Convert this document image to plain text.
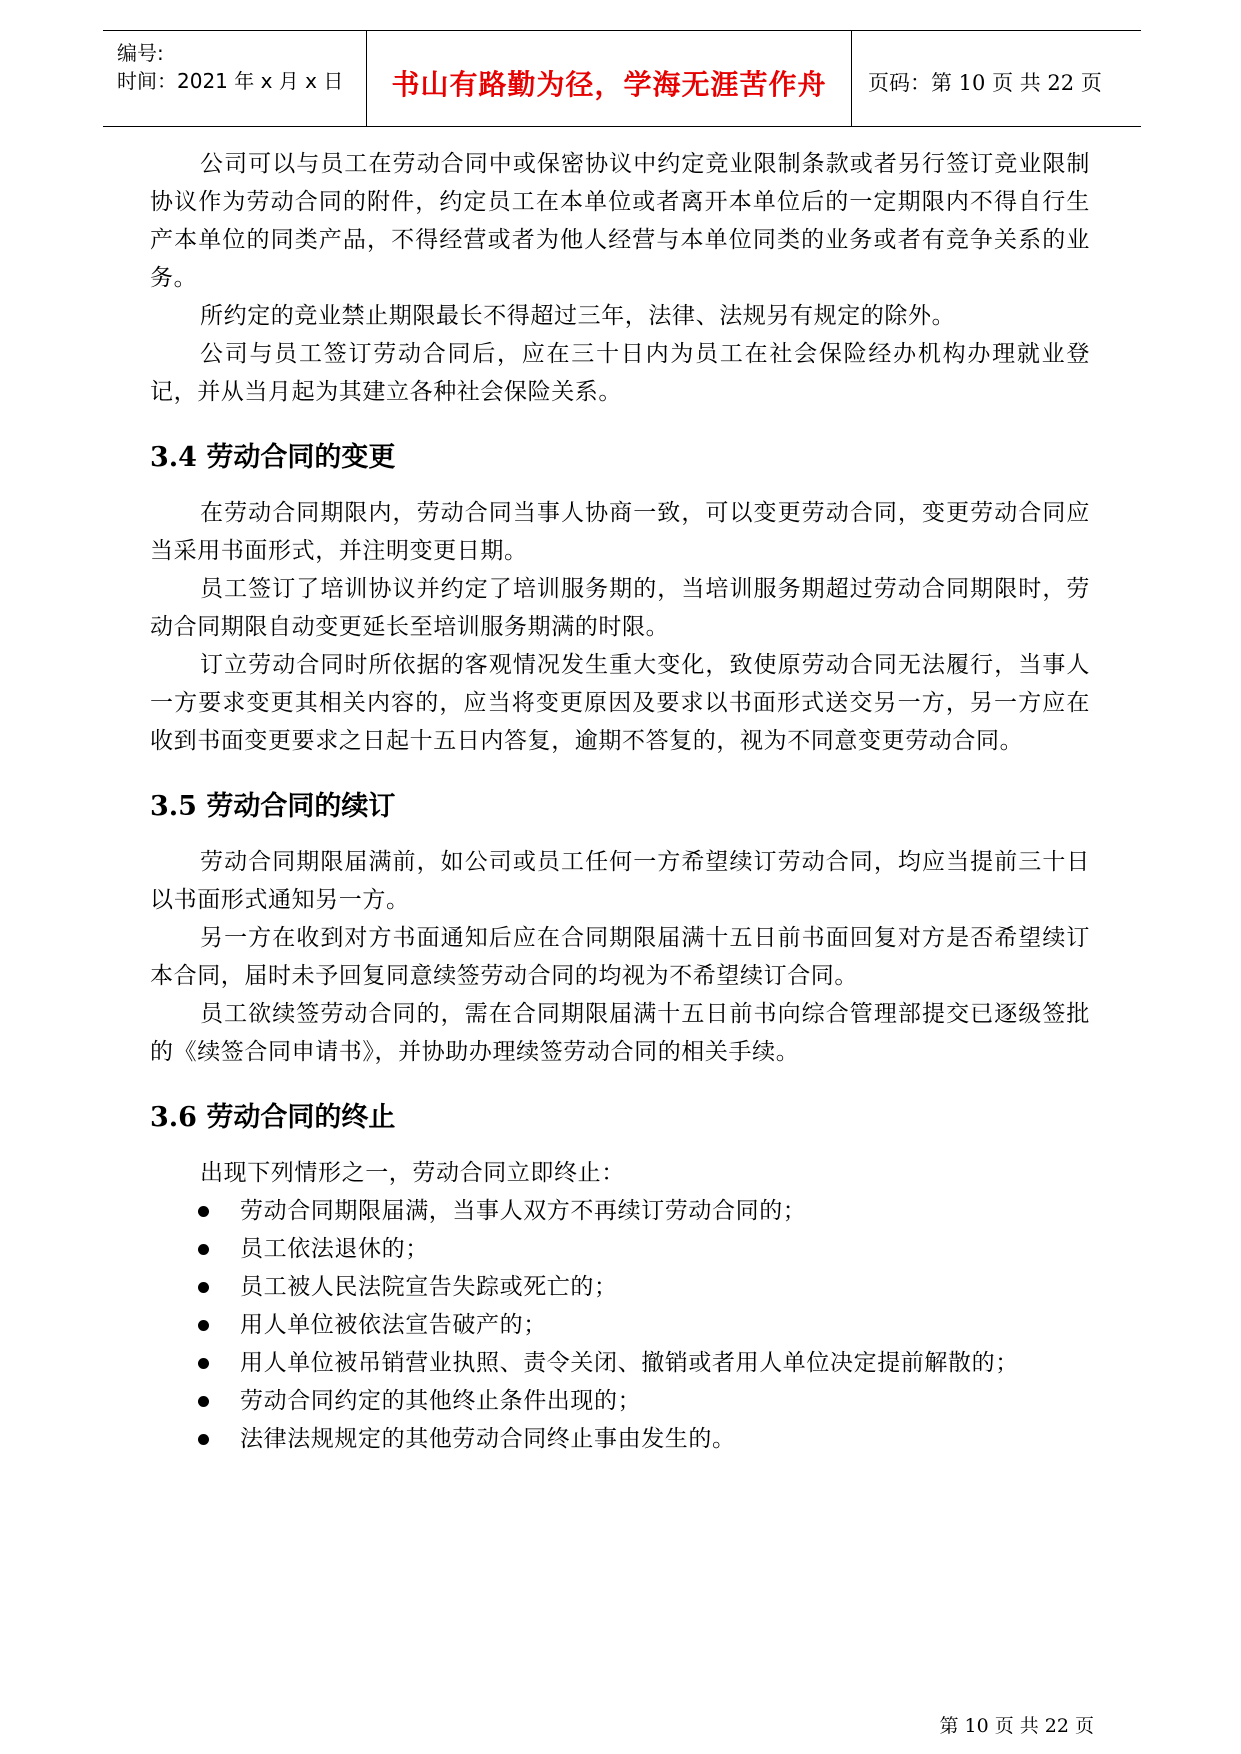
编号:
时间：2021 年 x 月 x 日	书山有路勤为径，学海无涯苦作舟	页码：第 10 页 共 22 页

公司可以与员工在劳动合同中或保密协议中约定竞业限制条款或者另行签订竞业限制协议作为劳动合同的附件，约定员工在本单位或者离开本单位后的一定期限内不得自行生产本单位的同类产品，不得经营或者为他人经营与本单位同类的业务或者有竞争关系的业务。

所约定的竞业禁止期限最长不得超过三年，法律、法规另有规定的除外。

公司与员工签订劳动合同后，应在三十日内为员工在社会保险经办机构办理就业登记，并从当月起为其建立各种社会保险关系。

3.4 劳动合同的变更

在劳动合同期限内，劳动合同当事人协商一致，可以变更劳动合同，变更劳动合同应当采用书面形式，并注明变更日期。

员工签订了培训协议并约定了培训服务期的，当培训服务期超过劳动合同期限时，劳动合同期限自动变更延长至培训服务期满的时限。

订立劳动合同时所依据的客观情况发生重大变化，致使原劳动合同无法履行，当事人一方要求变更其相关内容的，应当将变更原因及要求以书面形式送交另一方，另一方应在收到书面变更要求之日起十五日内答复，逾期不答复的，视为不同意变更劳动合同。

3.5 劳动合同的续订

劳动合同期限届满前，如公司或员工任何一方希望续订劳动合同，均应当提前三十日以书面形式通知另一方。

另一方在收到对方书面通知后应在合同期限届满十五日前书面回复对方是否希望续订本合同，届时未予回复同意续签劳动合同的均视为不希望续订合同。

员工欲续签劳动合同的，需在合同期限届满十五日前书向综合管理部提交已逐级签批的《续签合同申请书》，并协助办理续签劳动合同的相关手续。

3.6 劳动合同的终止

出现下列情形之一，劳动合同立即终止：

劳动合同期限届满，当事人双方不再续订劳动合同的；
员工依法退休的；
员工被人民法院宣告失踪或死亡的；
用人单位被依法宣告破产的；
用人单位被吊销营业执照、责令关闭、撤销或者用人单位决定提前解散的；
劳动合同约定的其他终止条件出现的；
法律法规规定的其他劳动合同终止事由发生的。
第 10 页 共 22 页
